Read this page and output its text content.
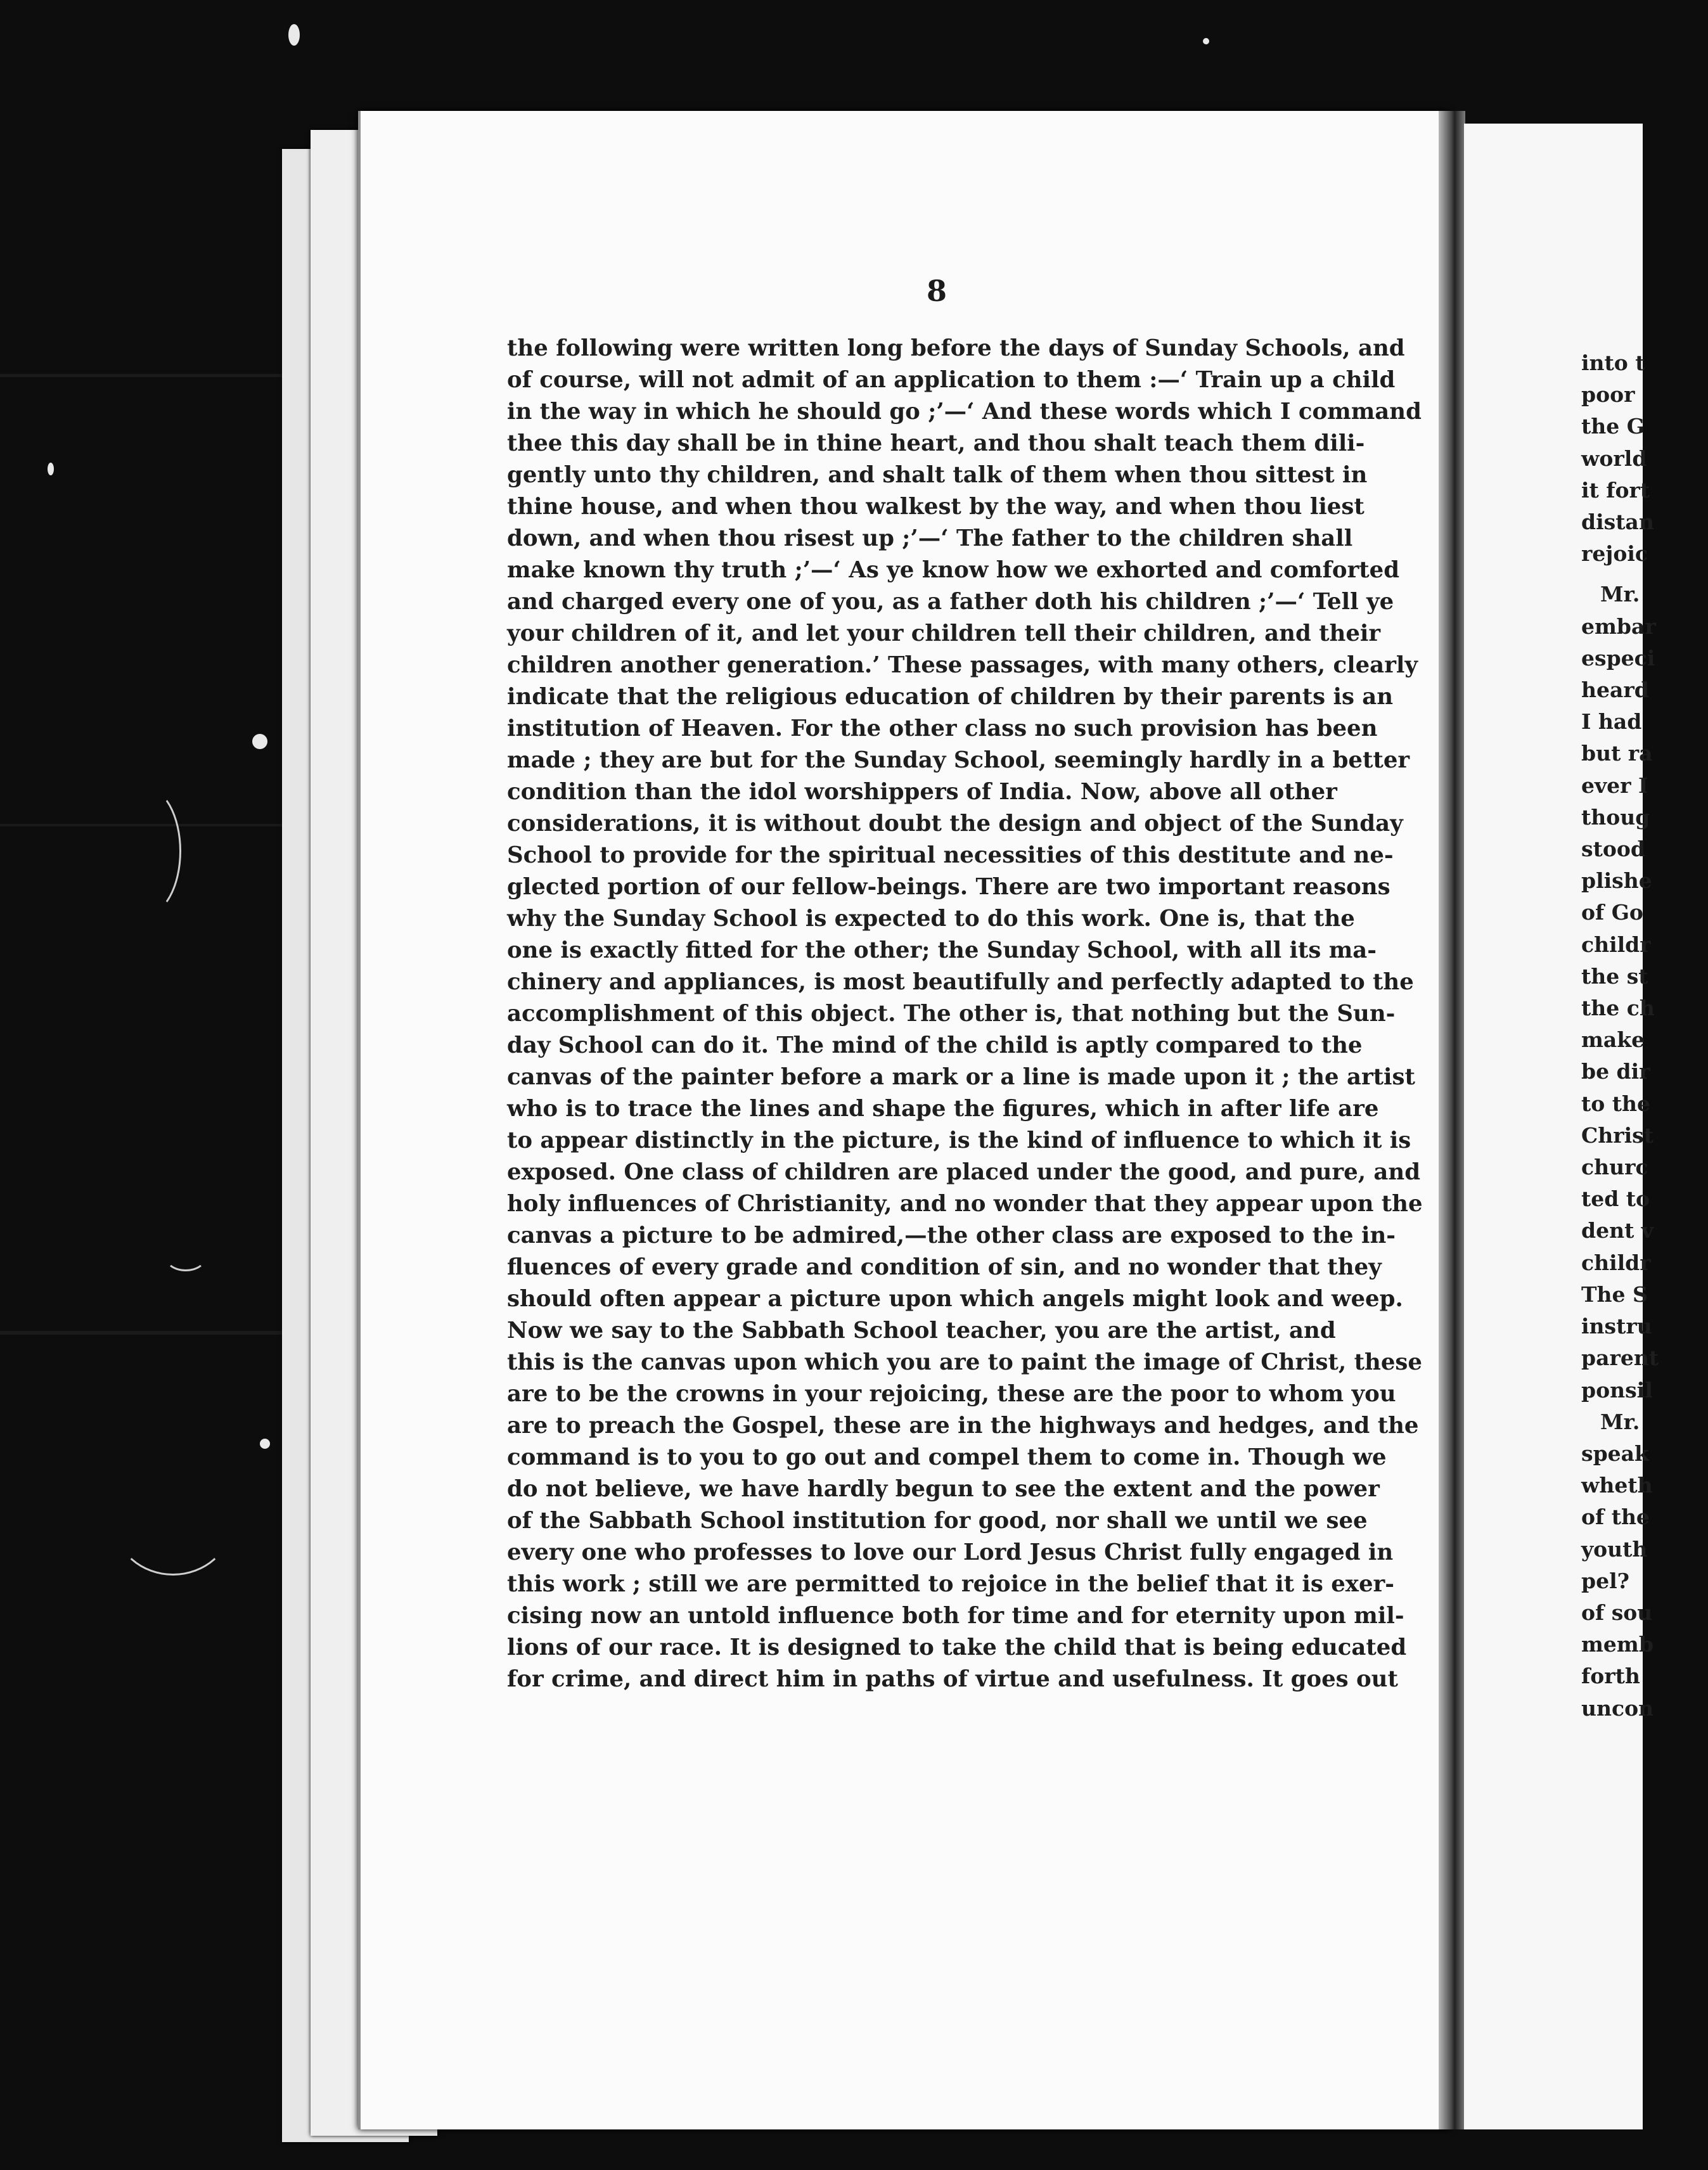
8
the following were written long before the days of Sunday Schools, and
of course, will not admit of an application to them :—‘ Train up a child
in the way in which he should go ;’—‘ And these words which I command
thee this day shall be in thine heart, and thou shalt teach them dili-
gently unto thy children, and shalt talk of them when thou sittest in
thine house, and when thou walkest by the way, and when thou liest
down, and when thou risest up ;’—‘ The father to the children shall
make known thy truth ;’—‘ As ye know how we exhorted and comforted
and charged every one of you, as a father doth his children ;’—‘ Tell ye
your children of it, and let your children tell their children, and their
children another generation.’ These passages, with many others, clearly
indicate that the religious education of children by their parents is an
institution of Heaven. For the other class no such provision has been
made ; they are but for the Sunday School, seemingly hardly in a better
condition than the idol worshippers of India. Now, above all other
considerations, it is without doubt the design and object of the Sunday
School to provide for the spiritual necessities of this destitute and ne-
glected portion of our fellow-beings. There are two important reasons
why the Sunday School is expected to do this work. One is, that the
one is exactly fitted for the other; the Sunday School, with all its ma-
chinery and appliances, is most beautifully and perfectly adapted to the
accomplishment of this object. The other is, that nothing but the Sun-
day School can do it. The mind of the child is aptly compared to the
canvas of the painter before a mark or a line is made upon it ; the artist
who is to trace the lines and shape the figures, which in after life are
to appear distinctly in the picture, is the kind of influence to which it is
exposed. One class of children are placed under the good, and pure, and
holy influences of Christianity, and no wonder that they appear upon the
canvas a picture to be admired,—the other class are exposed to the in-
fluences of every grade and condition of sin, and no wonder that they
should often appear a picture upon which angels might look and weep.
Now we say to the Sabbath School teacher, you are the artist, and
this is the canvas upon which you are to paint the image of Christ, these
are to be the crowns in your rejoicing, these are the poor to whom you
are to preach the Gospel, these are in the highways and hedges, and the
command is to you to go out and compel them to come in. Though we
do not believe, we have hardly begun to see the extent and the power
of the Sabbath School institution for good, nor shall we until we see
every one who professes to love our Lord Jesus Christ fully engaged in
this work ; still we are permitted to rejoice in the belief that it is exer-
cising now an untold influence both for time and for eternity upon mil-
lions of our race. It is designed to take the child that is being educated
for crime, and direct him in paths of virtue and usefulness. It goes out
into t
poor
the G
world
it fort
distan
rejoic
Mr.
embar
especi
heard
I had
but ra
ever I
thoug
stood
plishe
of Go
childr
the st
the ch
make
be dir
to the
Christ
churc
ted to
dent v
childr
The S
instru
parent
ponsil
Mr.
speak
wheth
of the
youth
pel?
of sou
memb
forth
uncon
